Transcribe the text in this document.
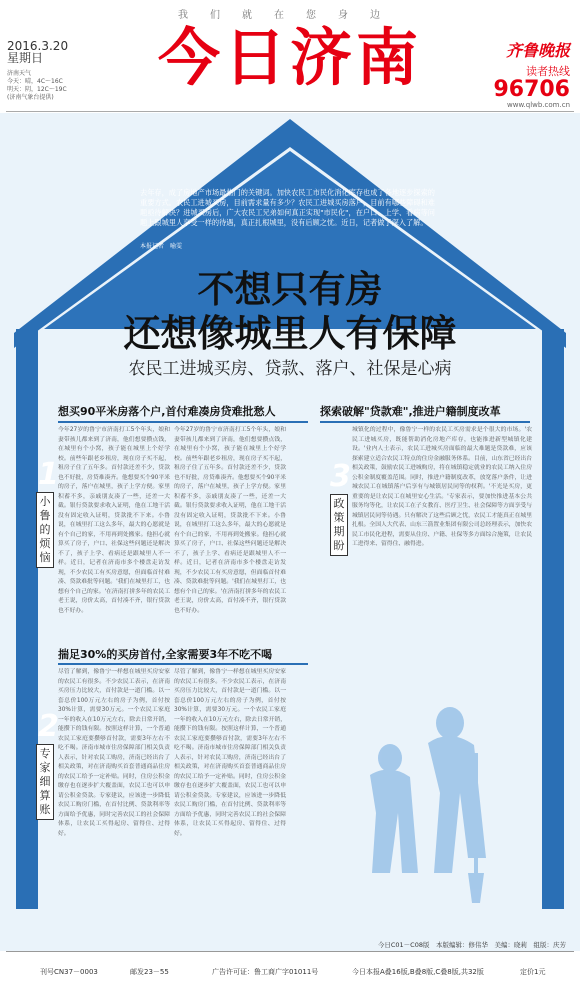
我们就在您身边
今日济南
2016.3.20
星期日
济南天气
今天：晴，4C～16C
明天：阴，12C～19C
(济南气象台提供)
齐鲁晚报
读者热线
96706
www.qlwb.com.cn
去年存，成了房地产市场最热门的关键词。加快农民工市民化消化库存也成了各地逐步探索的重要方式。农民工进城买房，目前需求量有多少？农民工进城买房落户，目前有哪些障碍和难题亟待解决？进城买房后，广大农民工兄弟如何真正实现"市民化"，在户口、上学、看病等问题上跟城里人享受一样的待遇，真正扎根城里，没有后顾之忧。近日，记者做了深入了解。
本报记者　喻雯
不想只有房
还想像城里人有保障
农民工进城买房、贷款、落户、社保是心病
想买90平米房落个户,首付难凑房贷难批愁人
1
小鲁的烦恼
今年27岁的鲁宁市济南打工5个年头，娘和妻带孩儿都来到了济南，他们想要攒点钱，在城里有个小窝，孩子能在城里上个好学校。前些年跟老乡租房，现在房子买不起，租房子住了五年多。首付款还差不少，贷款也不好批，房贷难凑齐。他想要买个90平米的房子，落户在城里，孩子上学方便。家里积蓄不多，亲戚朋友凑了一些，还差一大截。银行贷款要求收入证明，他在工地干活没有固定收入证明，贷款批不下来。小鲁说，在城里打工这么多年，最大的心愿就是有个自己的家，不用再到处搬家。他担心就算买了房子，户口、社保这些问题还是解决不了，孩子上学、看病还是跟城里人不一样。近日，记者在济南市多个楼盘走访发现，不少农民工有买房意愿，但面临首付难凑、贷款难批等问题。'我们在城里打工，也想有个自己的家。'在济南打拼多年的农民工老王说，房价太高，首付凑不齐，银行贷款也不好办。
今年27岁的鲁宁市济南打工5个年头，娘和妻带孩儿都来到了济南，他们想要攒点钱，在城里有个小窝，孩子能在城里上个好学校。前些年跟老乡租房，现在房子买不起，租房子住了五年多。首付款还差不少，贷款也不好批，房贷难凑齐。他想要买个90平米的房子，落户在城里，孩子上学方便。家里积蓄不多，亲戚朋友凑了一些，还差一大截。银行贷款要求收入证明，他在工地干活没有固定收入证明，贷款批不下来。小鲁说，在城里打工这么多年，最大的心愿就是有个自己的家，不用再到处搬家。他担心就算买了房子，户口、社保这些问题还是解决不了，孩子上学、看病还是跟城里人不一样。近日，记者在济南市多个楼盘走访发现，不少农民工有买房意愿，但面临首付难凑、贷款难批等问题。'我们在城里打工，也想有个自己的家。'在济南打拼多年的农民工老王说，房价太高，首付凑不齐，银行贷款也不好办。
揣足30%的买房首付,全家需要3年不吃不喝
2
专家细算账
尽管了解到，像鲁宁一样想在城里买房安家的农民工有很多。不少农民工表示，在济南买房压力比较大，首付款是一道门槛。以一套总价100万元左右的房子为例，首付按30%计算，需要30万元。一个农民工家庭一年的收入在10万元左右，除去日常开销，能攒下的钱有限。按照这样计算，一个普通农民工家庭要攒够首付款，需要3年左右不吃不喝。济南市城市住房保障部门相关负责人表示，针对农民工购房，济南已经出台了相关政策，对在济南购买首套普通商品住房的农民工给予一定补贴。同时，住房公积金缴存也在逐步扩大覆盖面，农民工也可以申请公积金贷款。专家建议，应该进一步降低农民工购房门槛，在首付比例、贷款利率等方面给予优惠，同时完善农民工的社会保障体系，让农民工买得起房、留得住、过得好。
尽管了解到，像鲁宁一样想在城里买房安家的农民工有很多。不少农民工表示，在济南买房压力比较大，首付款是一道门槛。以一套总价100万元左右的房子为例，首付按30%计算，需要30万元。一个农民工家庭一年的收入在10万元左右，除去日常开销，能攒下的钱有限。按照这样计算，一个普通农民工家庭要攒够首付款，需要3年左右不吃不喝。济南市城市住房保障部门相关负责人表示，针对农民工购房，济南已经出台了相关政策，对在济南购买首套普通商品住房的农民工给予一定补贴。同时，住房公积金缴存也在逐步扩大覆盖面，农民工也可以申请公积金贷款。专家建议，应该进一步降低农民工购房门槛，在首付比例、贷款利率等方面给予优惠，同时完善农民工的社会保障体系，让农民工买得起房、留得住、过得好。
探索破解"贷款难",推进户籍制度改革
3
政策期盼
城镇化的过程中，像鲁宁一样的农民工买房需求是个很大的市场。'农民工进城买房，既能帮助消化房地产库存，也能推进新型城镇化建设。'业内人士表示，农民工进城买房面临的最大难题是贷款难，应该探索建立适合农民工特点的住房金融服务体系。目前，山东省已经出台相关政策，鼓励农民工进城购房，将在城镇稳定就业的农民工纳入住房公积金制度覆盖范围。同时，推进户籍制度改革，放宽落户条件，让进城农民工在城镇落户后享有与城镇居民同等的权利。'不光是买房，更重要的是让农民工在城里安心生活。'专家表示，要加快推进基本公共服务均等化，让农民工在子女教育、医疗卫生、社会保障等方面享受与城镇居民同等待遇。只有解决了这些后顾之忧，农民工才能真正在城里扎根。全国人大代表、山东三箭置业集团有限公司总经理表示，加快农民工市民化进程，需要从住房、户籍、社保等多方面综合施策，让农民工进得来、留得住、融得进。
今日C01－C08版　本版编辑：修伟华　美编：晓莉　组版：庆芳
刊号CN37－0003	邮发23－55	广告许可证：鲁工商广字01011号	今日本报A叠16版,B叠8版,C叠8版,共32版	定价1元
